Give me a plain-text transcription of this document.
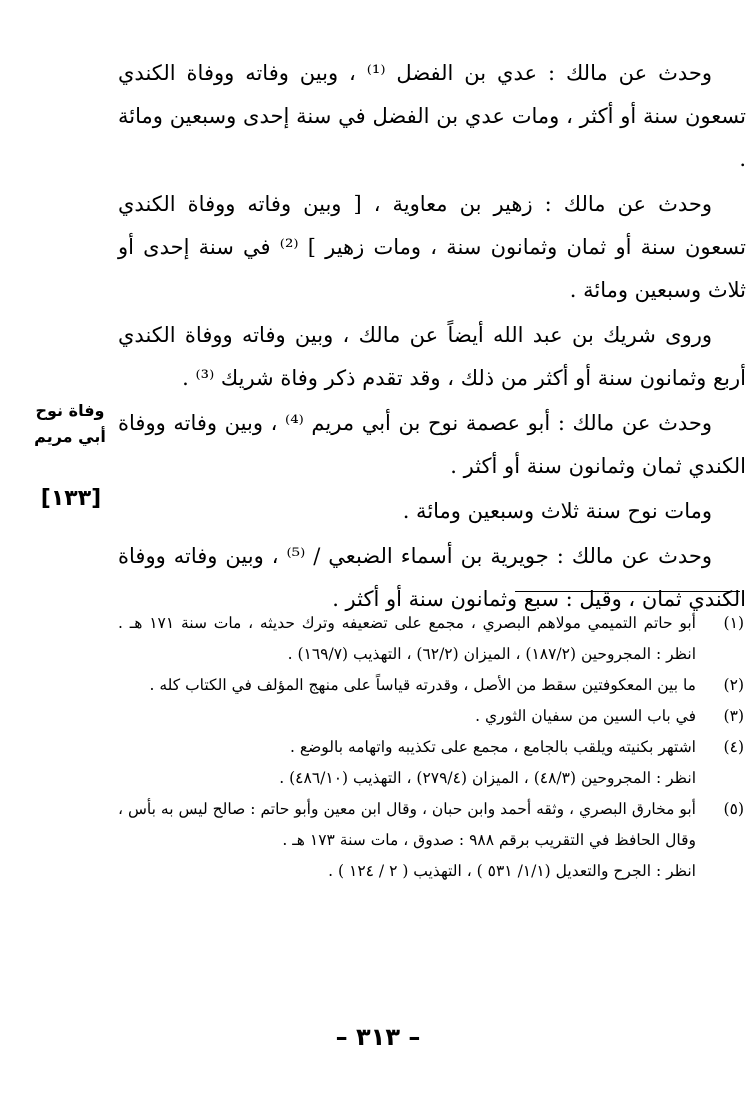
وحدث عن مالك : عدي بن الفضل ⁽¹⁾ ، وبين وفاته ووفاة الكندي تسعون سنة أو أكثر ، ومات عدي بن الفضل في سنة إحدى وسبعين ومائة .

وحدث عن مالك : زهير بن معاوية ، [ وبين وفاته ووفاة الكندي تسعون سنة أو ثمان وثمانون سنة ، ومات زهير ] ⁽²⁾ في سنة إحدى أو ثلاث وسبعين ومائة .

وروى شريك بن عبد الله أيضاً عن مالك ، وبين وفاته ووفاة الكندي أربع وثمانون سنة أو أكثر من ذلك ، وقد تقدم ذكر وفاة شريك ⁽³⁾ .

وحدث عن مالك : أبو عصمة نوح بن أبي مريم ⁽⁴⁾ ، وبين وفاته ووفاة الكندي ثمان وثمانون سنة أو أكثر .

ومات نوح سنة ثلاث وسبعين ومائة .

وحدث عن مالك : جويرية بن أسماء الضبعي / ⁽⁵⁾ ، وبين وفاته ووفاة الكندي ثمان ، وقيل : سبع وثمانون سنة أو أكثر .

وفاة نوح
أبي مريم
[١٣٣]
(١)
أبو حاتم التميمي مولاهم البصري ، مجمع على تضعيفه وترك حديثه ، مات سنة ١٧١ هـ . انظر : المجروحين (١٨٧/٢) ، الميزان (٦٢/٢) ، التهذيب (١٦٩/٧) .
(٢)
ما بين المعكوفتين سقط من الأصل ، وقدرته قياساً على منهج المؤلف في الكتاب كله .
(٣)
في باب السين من سفيان الثوري .
(٤)
اشتهر بكنيته ويلقب بالجامع ، مجمع على تكذيبه واتهامه بالوضع .
انظر : المجروحين (٤٨/٣) ، الميزان (٢٧٩/٤) ، التهذيب (٤٨٦/١٠) .
(٥)
أبو مخارق البصري ، وثقه أحمد وابن حبان ، وقال ابن معين وأبو حاتم : صالح ليس به بأس ، وقال الحافظ في التقريب برقم ٩٨٨ : صدوق ، مات سنة ١٧٣ هـ .
انظر : الجرح والتعديل (١/١/ ٥٣١ ) ، التهذيب ( ٢ / ١٢٤ ) .
– ٣١٣ –
